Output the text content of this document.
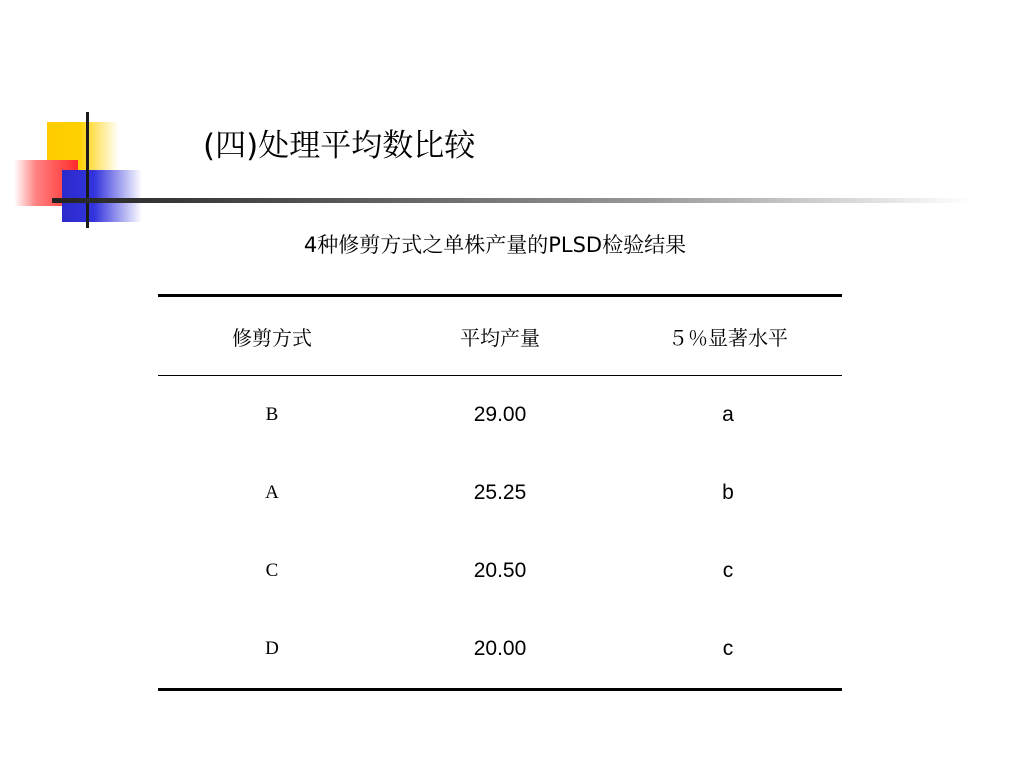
(四)处理平均数比较
4种修剪方式之单株产量的PLSD检验结果
修剪方式	平均产量	５％显著水平
B	29.00	a
A	25.25	b
C	20.50	c
D	20.00	c
